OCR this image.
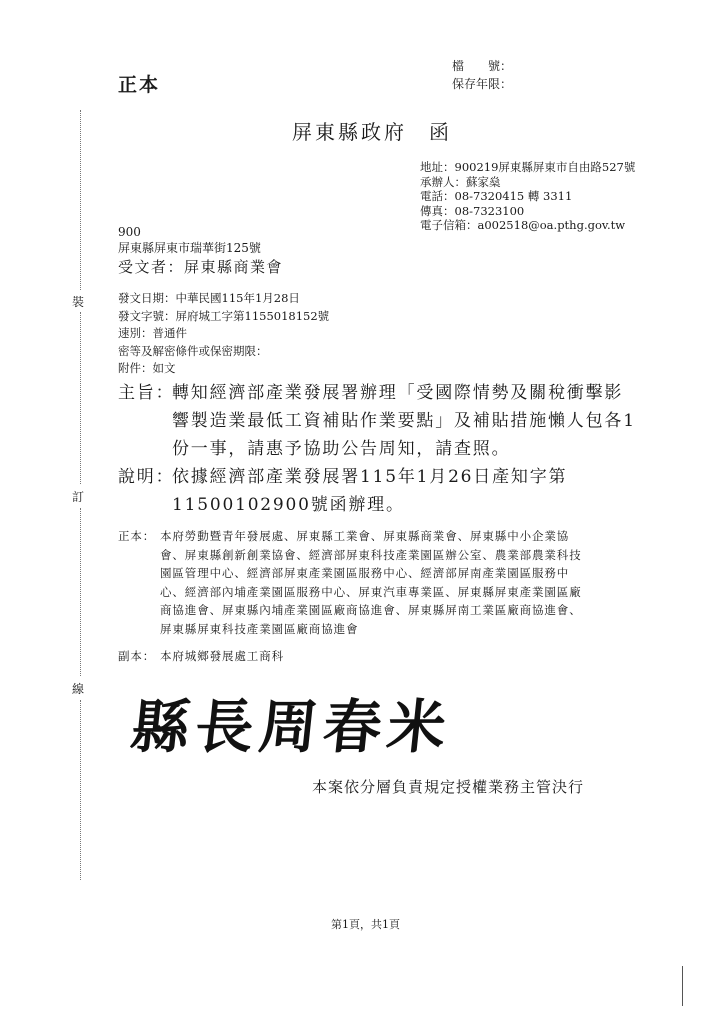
正本
檔　　號：
保存年限：
屏東縣政府 函
地址：900219屏東縣屏東市自由路527號
承辦人：蘇家燊
電話：08-7320415 轉 3311
傳真：08-7323100
電子信箱：a002518@oa.pthg.gov.tw
900
屏東縣屏東市瑞華街125號
受文者：屏東縣商業會
發文日期：中華民國115年1月28日
發文字號：屏府城工字第1155018152號
速別：普通件
密等及解密條件或保密期限：
附件：如文
主旨：
轉知經濟部產業發展署辦理「受國際情勢及關稅衝擊影
響製造業最低工資補貼作業要點」及補貼措施懶人包各1
份一事，請惠予協助公告周知，請查照。
說明：
依據經濟部產業發展署115年1月26日產知字第
11500102900號函辦理。
正本： 本府勞動暨青年發展處、屏東縣工業會、屏東縣商業會、屏東縣中小企業協
會、屏東縣創新創業協會、經濟部屏東科技產業園區辦公室、農業部農業科技
園區管理中心、經濟部屏東產業園區服務中心、經濟部屏南產業園區服務中
心、經濟部內埔產業園區服務中心、屏東汽車專業區、屏東縣屏東產業園區廠
商協進會、屏東縣內埔產業園區廠商協進會、屏東縣屏南工業區廠商協進會、
屏東縣屏東科技產業園區廠商協進會
副本： 本府城鄉發展處工商科
裝
訂
線
縣長周春米
本案依分層負責規定授權業務主管決行
第1頁，共1頁
